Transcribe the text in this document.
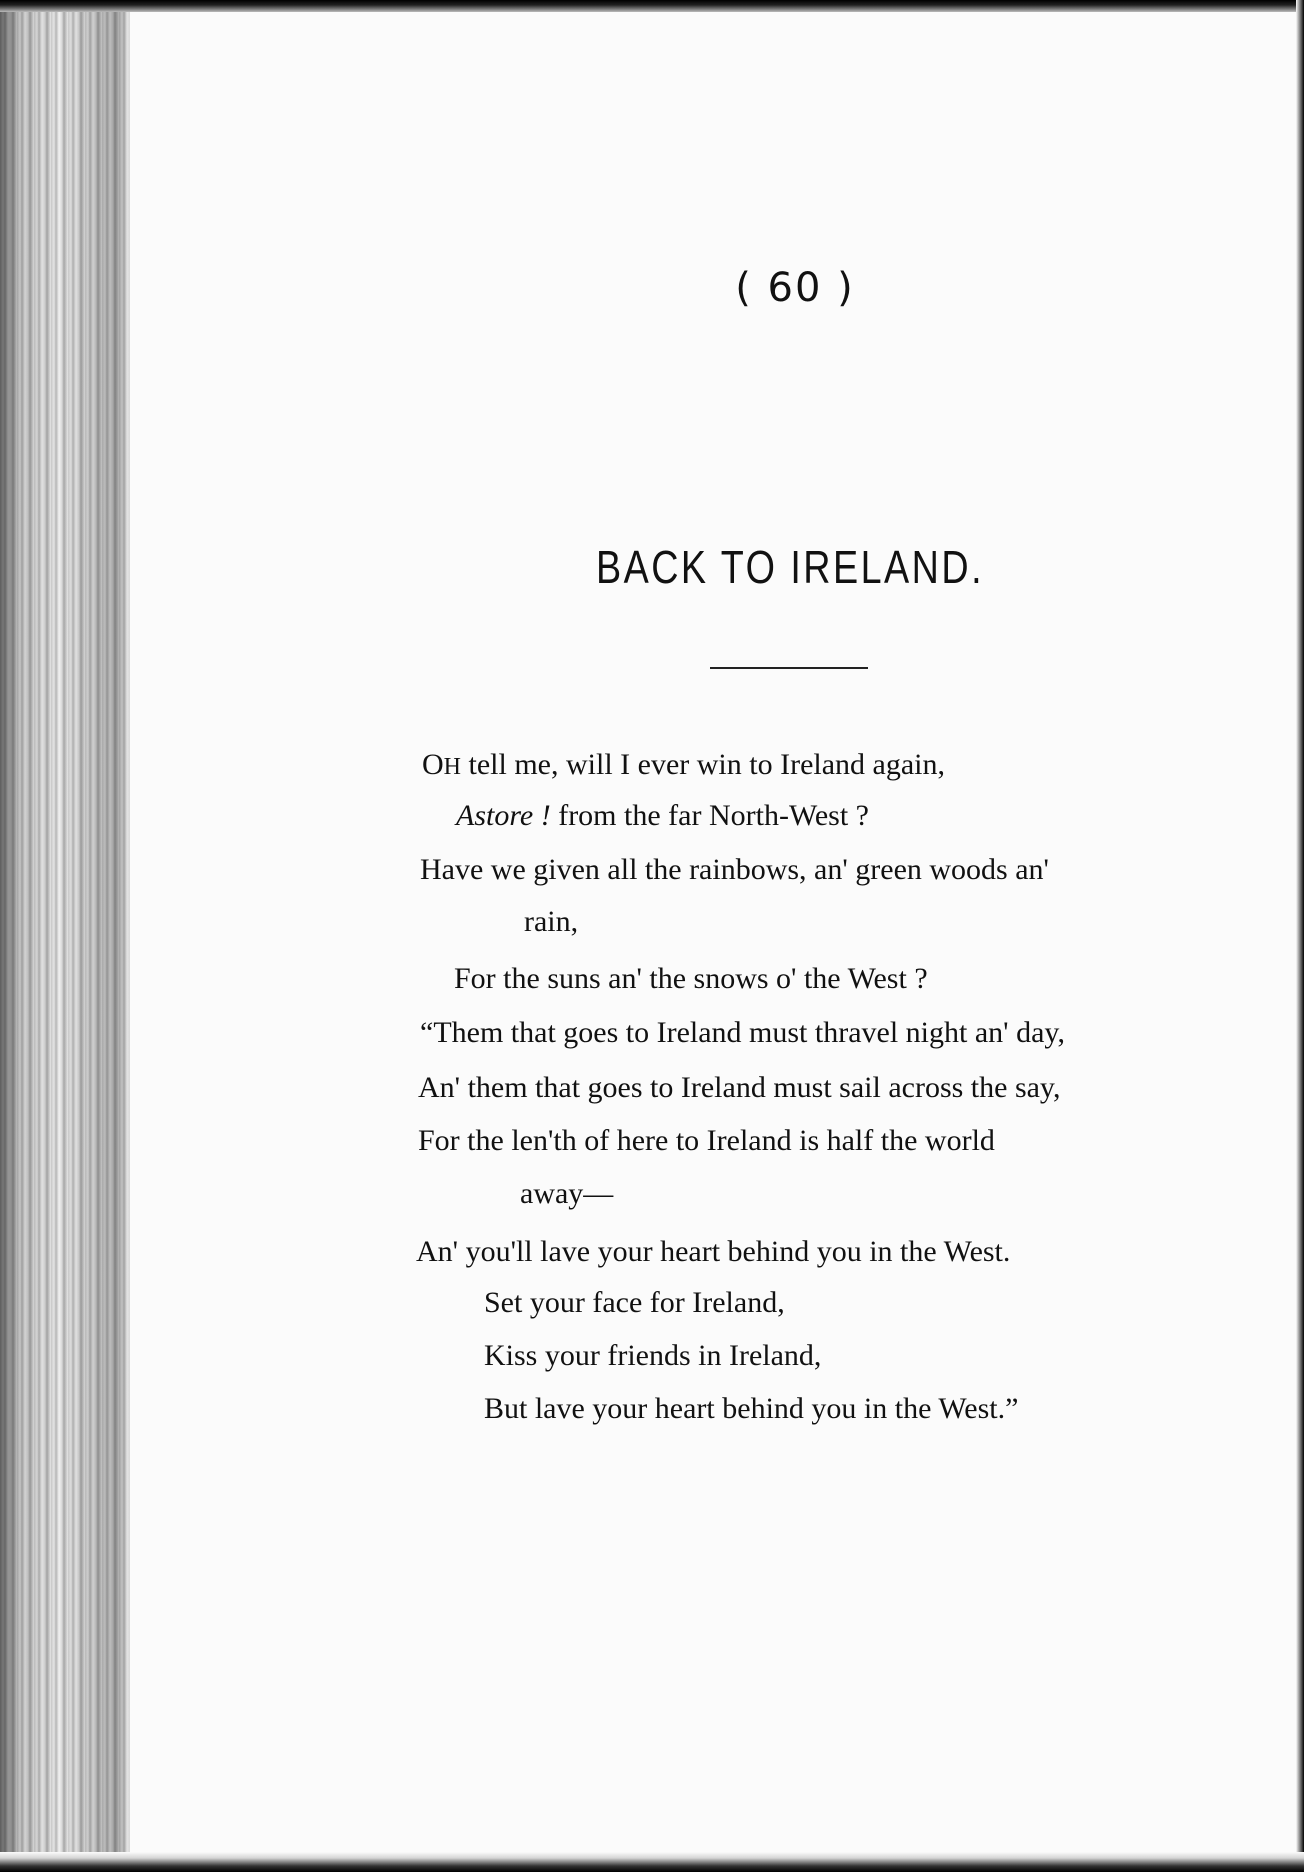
( 60 )
BACK TO IRELAND.
OH tell me, will I ever win to Ireland again,
Astore ! from the far North-West ?
Have we given all the rainbows, an' green woods an'
rain,
For the suns an' the snows o' the West ?
“Them that goes to Ireland must thravel night an' day,
An' them that goes to Ireland must sail across the say,
For the len'th of here to Ireland is half the world
away—
An' you'll lave your heart behind you in the West.
Set your face for Ireland,
Kiss your friends in Ireland,
But lave your heart behind you in the West.”
